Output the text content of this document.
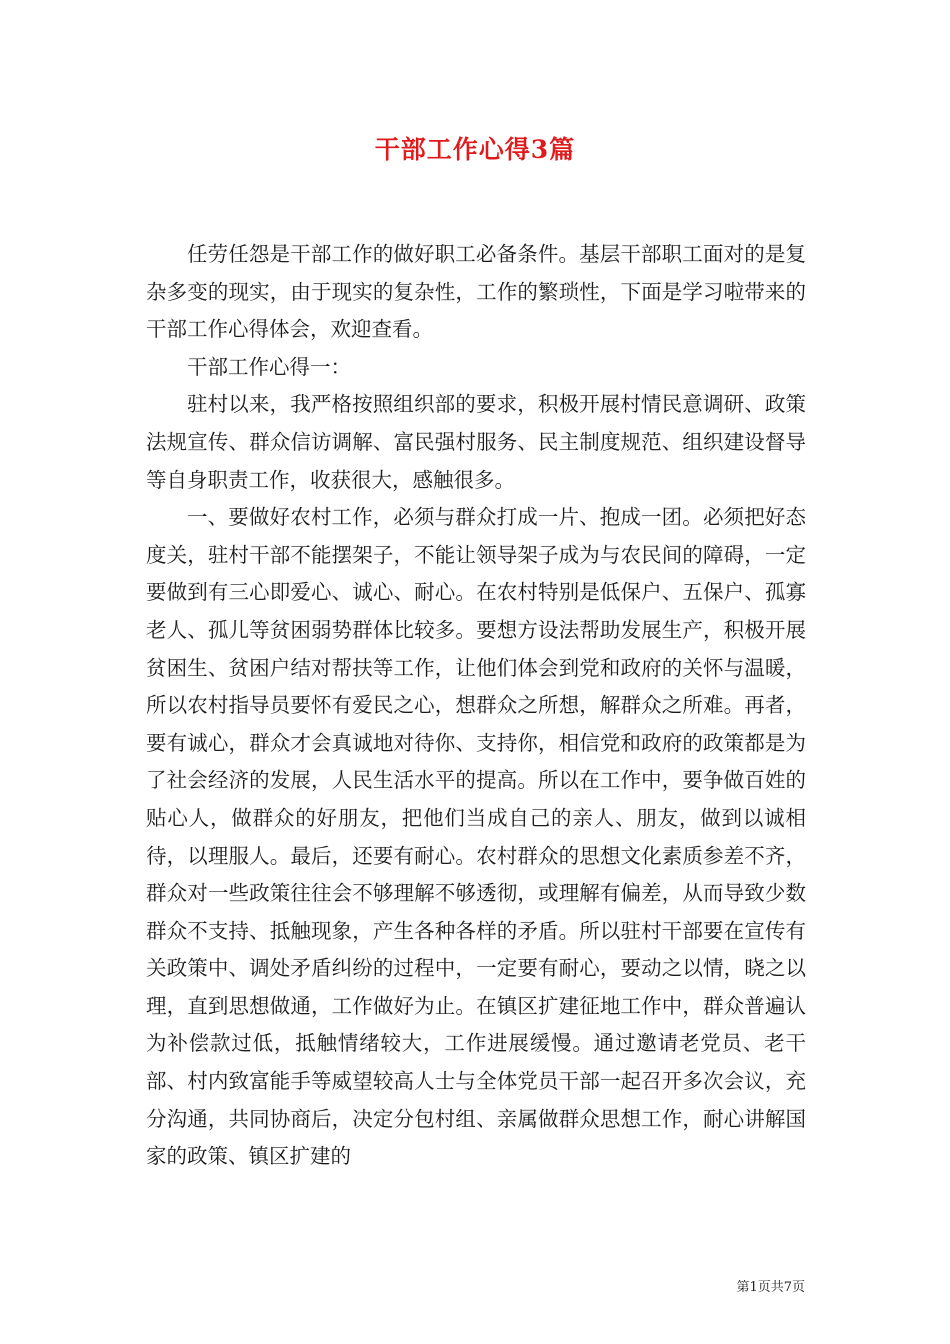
干部工作心得3篇

任劳任怨是干部工作的做好职工必备条件。基层干部职工面对的是复杂多变的现实，由于现实的复杂性，工作的繁琐性，下面是学习啦带来的干部工作心得体会，欢迎查看。

干部工作心得一：

驻村以来，我严格按照组织部的要求，积极开展村情民意调研、政策法规宣传、群众信访调解、富民强村服务、民主制度规范、组织建设督导等自身职责工作，收获很大，感触很多。

一、要做好农村工作，必须与群众打成一片、抱成一团。必须把好态度关，驻村干部不能摆架子，不能让领导架子成为与农民间的障碍，一定要做到有三心即爱心、诚心、耐心。在农村特别是低保户、五保户、孤寡老人、孤儿等贫困弱势群体比较多。要想方设法帮助发展生产，积极开展贫困生、贫困户结对帮扶等工作，让他们体会到党和政府的关怀与温暖，所以农村指导员要怀有爱民之心，想群众之所想，解群众之所难。再者，要有诚心，群众才会真诚地对待你、支持你，相信党和政府的政策都是为了社会经济的发展，人民生活水平的提高。所以在工作中，要争做百姓的贴心人，做群众的好朋友，把他们当成自己的亲人、朋友，做到以诚相待，以理服人。最后，还要有耐心。农村群众的思想文化素质参差不齐，群众对一些政策往往会不够理解不够透彻，或理解有偏差，从而导致少数群众不支持、抵触现象，产生各种各样的矛盾。所以驻村干部要在宣传有关政策中、调处矛盾纠纷的过程中，一定要有耐心，要动之以情，晓之以理，直到思想做通，工作做好为止。在镇区扩建征地工作中，群众普遍认为补偿款过低，抵触情绪较大，工作进展缓慢。通过邀请老党员、老干部、村内致富能手等威望较高人士与全体党员干部一起召开多次会议，充分沟通，共同协商后，决定分包村组、亲属做群众思想工作，耐心讲解国家的政策、镇区扩建的

第1页共7页
